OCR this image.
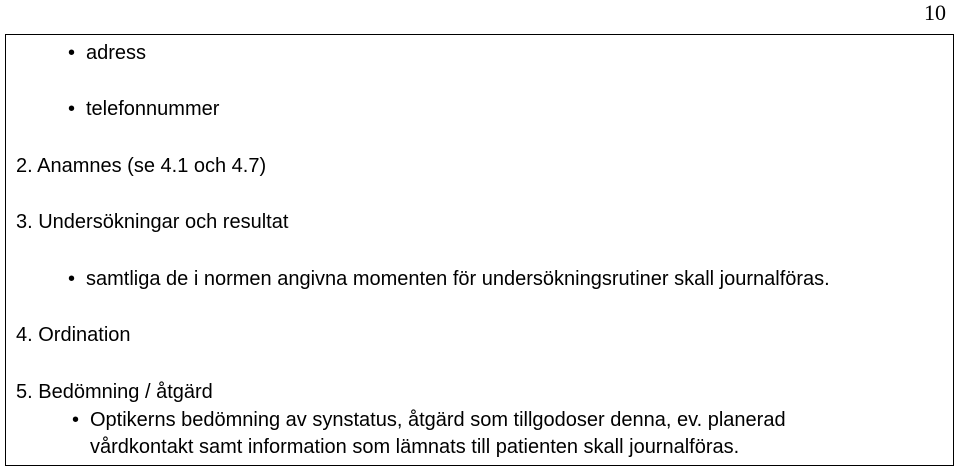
10
•
adress
•
telefonnummer
2. Anamnes (se 4.1 och 4.7)
3. Undersökningar och resultat
•
samtliga de i normen angivna momenten för undersökningsrutiner skall journalföras.
4. Ordination
5. Bedömning / åtgärd
•
Optikerns bedömning av synstatus, åtgärd som tillgodoser denna, ev. planerad
vårdkontakt samt information som lämnats till patienten skall journalföras.
